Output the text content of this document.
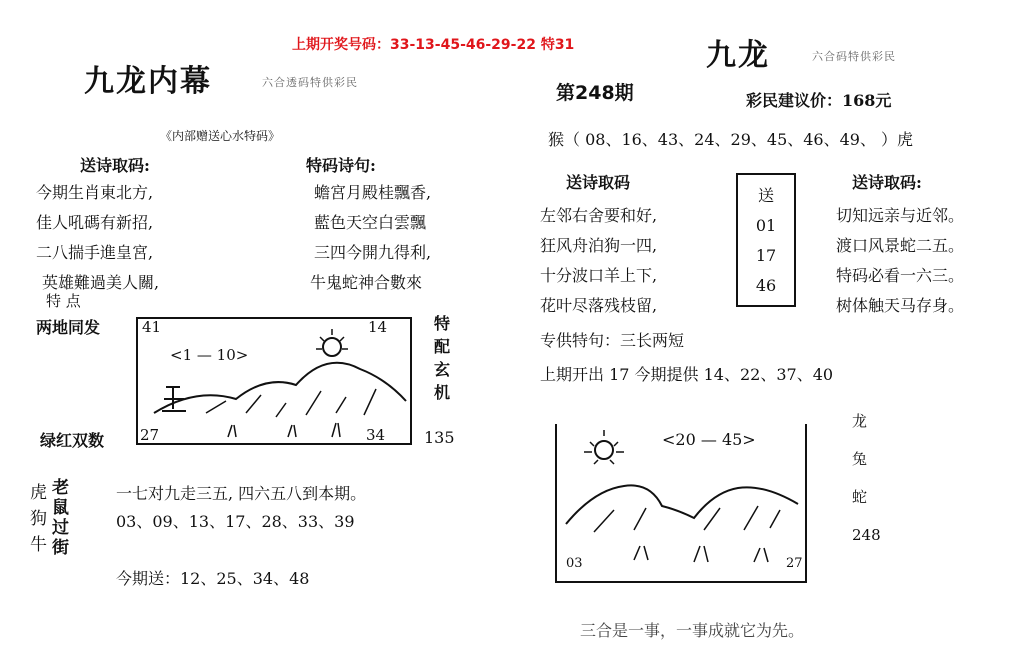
上期开奖号码：33-13-45-46-29-22 特31
九龙内幕	六合透码特供彩民
九龙	六合码特供彩民
第248期	彩民建议价：168元
《内部赠送心水特码》
送诗取码:
今期生肖東北方,
佳人吼碼有新招,
二八揣手進皇宮,
英雄難過美人關,
特码诗句:
蟾宮月殿桂飄香,
藍色天空白雲飄
三四今開九得利,
牛鬼蛇神合數來
特 点
两地同发	41	14
<1 — 10>
27	34
特
配
玄
机
绿红双数	135
虎
狗
牛
老
鼠
过
街
一七对九走三五, 四六五八到本期。
03、09、13、17、28、33、39
今期送：12、25、34、48
猴（ 08、16、43、24、29、45、46、49、 ）虎
送诗取码
左邻右舍要和好,
狂风舟泊狗一四,
十分波口羊上下,
花叶尽落残枝留,
送
01
17
46
送诗取码:
切知远亲与近邻。
渡口风景蛇二五。
特码必看一六三。
树体触天马存身。
专供特句：三长两短
上期开出 17 今期提供 14、22、37、40
<20 — 45>
03	27
龙
兔
蛇
248
三合是一事，一事成就它为先。
